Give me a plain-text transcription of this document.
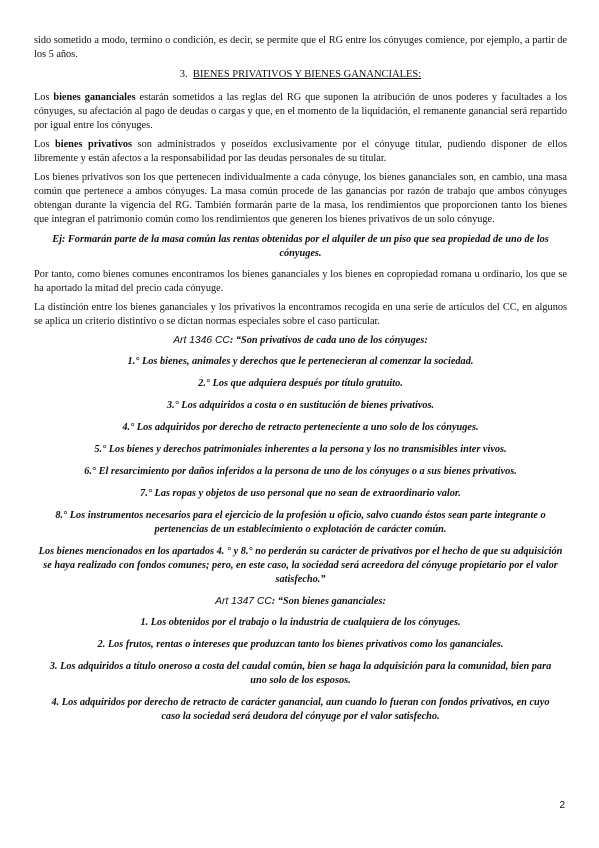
sido sometido a modo, termino o condición, es decir, se permite que el RG entre los cónyuges comience, por ejemplo, a partir de los 5 años.

3. BIENES PRIVATIVOS Y BIENES GANANCIALES:

Los bienes gananciales estarán sometidos a las reglas del RG que suponen la atribución de unos poderes y facultades a los cónyuges, su afectación al pago de deudas o cargas y que, en el momento de la liquidación, el remanente ganancial será repartido por igual entre los cónyuges.

Los bienes privativos son administrados y poseídos exclusivamente por el cónyuge titular, pudiendo disponer de ellos libremente y están afectos a la responsabilidad por las deudas personales de su titular.

Los bienes privativos son los que pertenecen individualmente a cada cónyuge, los bienes gananciales son, en cambio, una masa común que pertenece a ambos cónyuges. La masa común procede de las ganancias por razón de trabajo que ambos cónyuges obtengan durante la vigencia del RG. También formarán parte de la masa, los rendimientos que proporcionen tanto los bienes que integran el patrimonio común como los rendimientos que generen los bienes privativos de un solo cónyuge.

Ej: Formarán parte de la masa común las rentas obtenidas por el alquiler de un piso que sea propiedad de uno de los cónyuges.

Por tanto, como bienes comunes encontramos los bienes gananciales y los bienes en copropiedad romana u ordinario, los que se ha aportado la mitad del precio cada cónyuge.

La distinción entre los bienes gananciales y los privativos la encontramos recogida en una serie de artículos del CC, en algunos se aplica un criterio distintivo o se dictan normas especiales sobre el caso particular.

Art 1346 CC: “Son privativos de cada uno de los cónyuges:

1.° Los bienes, animales y derechos que le pertenecieran al comenzar la sociedad.

2.° Los que adquiera después por título gratuito.

3.° Los adquiridos a costa o en sustitución de bienes privativos.

4.° Los adquiridos por derecho de retracto perteneciente a uno solo de los cónyuges.

5.° Los bienes y derechos patrimoniales inherentes a la persona y los no transmisibles inter vivos.

6.° El resarcimiento por daños inferidos a la persona de uno de los cónyuges o a sus bienes privativos.

7.° Las ropas y objetos de uso personal que no sean de extraordinario valor.

8.° Los instrumentos necesarios para el ejercicio de la profesión u oficio, salvo cuando éstos sean parte integrante o pertenencias de un establecimiento o explotación de carácter común.

Los bienes mencionados en los apartados 4. ° y 8.° no perderán su carácter de privativos por el hecho de que su adquisición se haya realizado con fondos comunes; pero, en este caso, la sociedad será acreedora del cónyuge propietario por el valor satisfecho.”

Art 1347 CC: “Son bienes gananciales:

1. Los obtenidos por el trabajo o la industria de cualquiera de los cónyuges.

2. Los frutos, rentas o intereses que produzcan tanto los bienes privativos como los gananciales.

3. Los adquiridos a título oneroso a costa del caudal común, bien se haga la adquisición para la comunidad, bien para uno solo de los esposos.

4. Los adquiridos por derecho de retracto de carácter ganancial, aun cuando lo fueran con fondos privativos, en cuyo caso la sociedad será deudora del cónyuge por el valor satisfecho.

2
